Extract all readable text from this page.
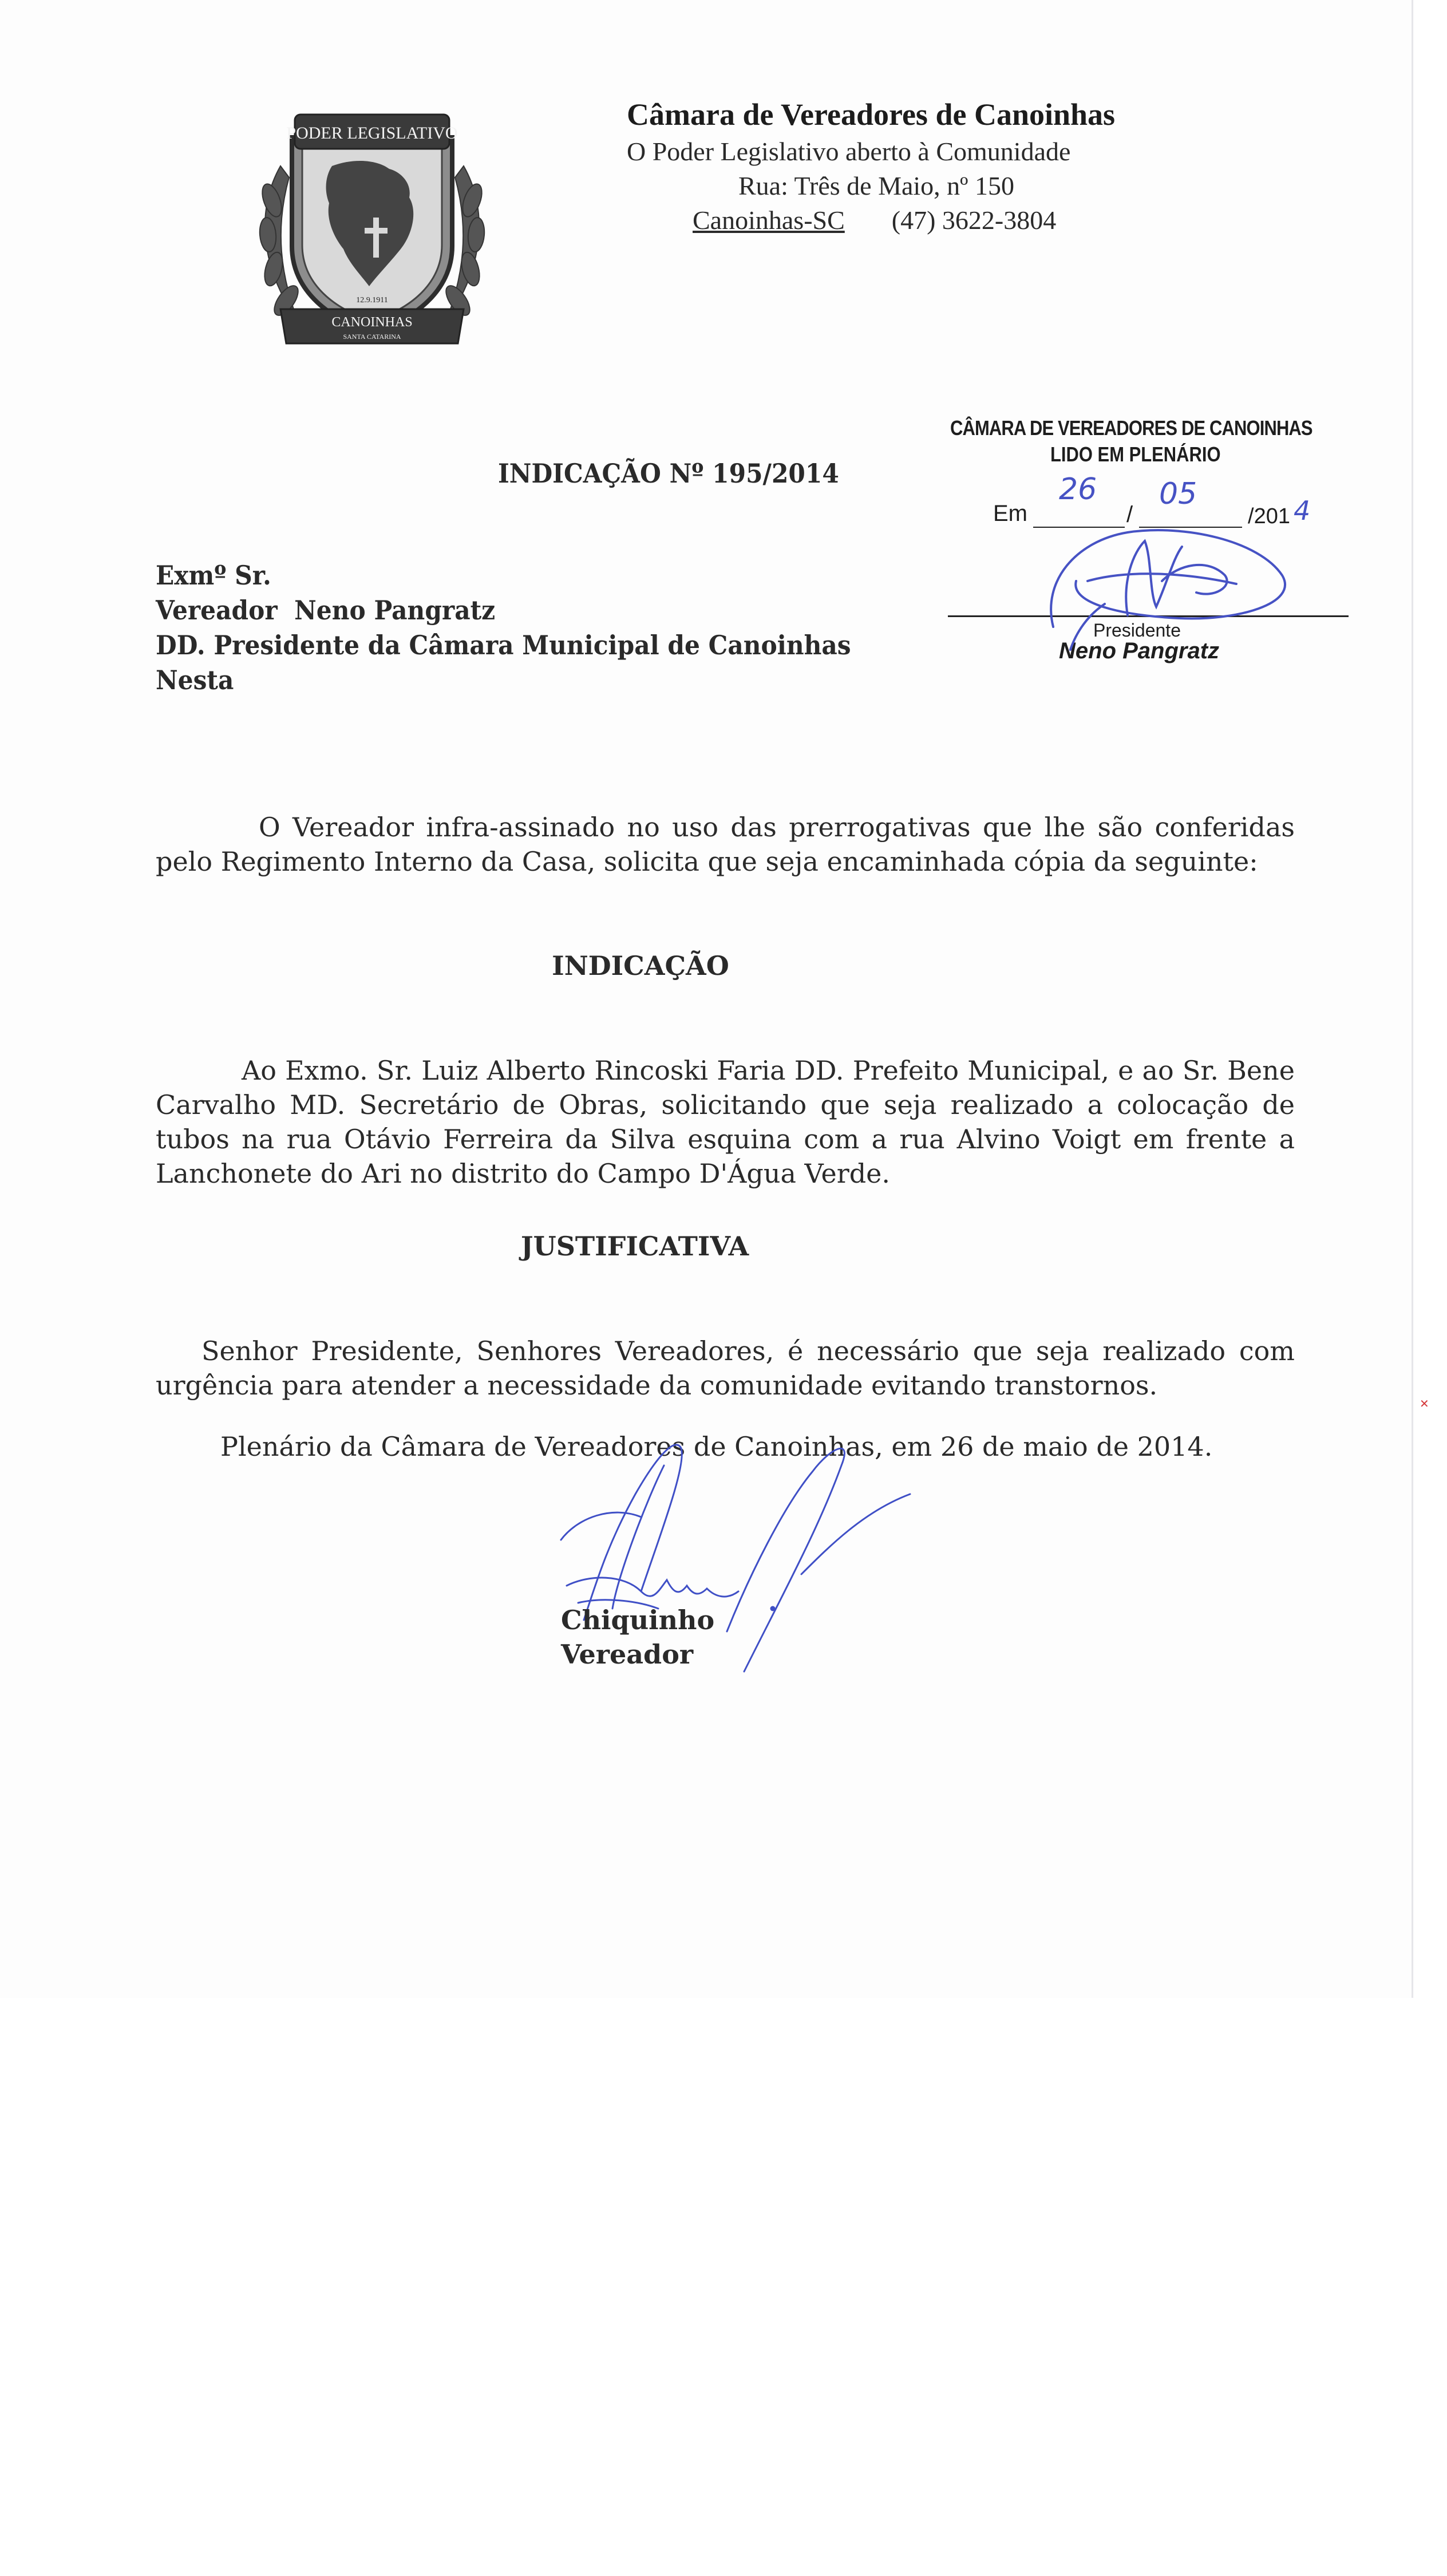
PODER LEGISLATIVO
CANOINHAS
SANTA CATARINA
12.9.1911
Câmara de Vereadores de Canoinhas
O Poder Legislativo aberto à Comunidade
Rua: Três de Maio, nº 150
Canoinhas-SC (47) 3622-3804
CÂMARA DE VEREADORES DE CANOINHAS
LIDO EM PLENÁRIO
Em	/	/201
26 05	4
Presidente
Neno Pangratz
INDICAÇÃO Nº 195/2014
Exmº Sr.
Vereador  Neno Pangratz
DD. Presidente da Câmara Municipal de Canoinhas
Nesta
O Vereador infra-assinado no uso das prerrogativas que lhe são conferidas pelo Regimento Interno da Casa, solicita que seja encaminhada cópia da seguinte:
INDICAÇÃO
Ao Exmo. Sr. Luiz Alberto Rincoski Faria DD. Prefeito Municipal, e ao Sr. Bene Carvalho MD. Secretário de Obras, solicitando que seja realizado a colocação de tubos na rua Otávio Ferreira da Silva esquina com a rua Alvino Voigt em frente a Lanchonete do Ari no distrito do Campo D'Água Verde.
JUSTIFICATIVA
Senhor Presidente, Senhores Vereadores, é necessário que seja realizado com urgência para atender a necessidade da comunidade evitando transtornos.
Plenário da Câmara de Vereadores de Canoinhas, em 26 de maio de 2014.
Chiquinho
Vereador
✕
